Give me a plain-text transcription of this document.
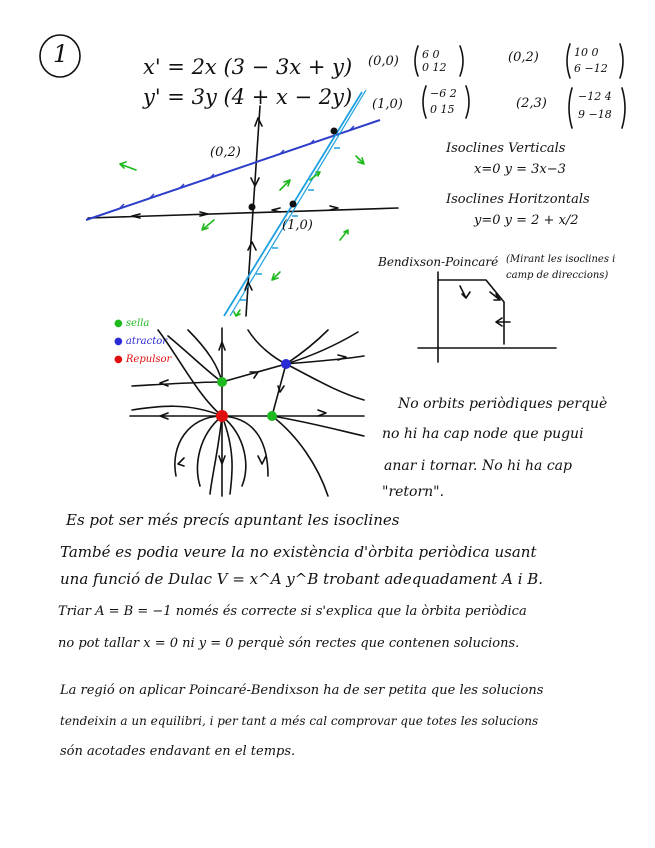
1	x' = 2x (3 − 3x + y)
y' = 3y (4 + x − 2y)
(0,0) 6 0
0 12
(0,2)	10 0
6 −12
(1,0)
−6 2
0 15	(2,3)	−12 4
9 −18
Isoclines Verticals
x=0 y = 3x−3
Isoclines Horitzontals
y=0 y = 2 + x/2
Bendixson-Poincaré (Mirant les isoclines i camp de direccions)
(0,2)
(1,0)
● sella
● atractor
● Repulsor
No orbits periòdiques perquè
no hi ha cap node que pugui
anar i tornar. No hi ha cap
"retorn".
Es pot ser més precís apuntant les isoclines
També es podia veure la no existència d'òrbita periòdica usant
una funció de Dulac V = x^A y^B trobant adequadament A i B.
Triar A = B = −1 només és correcte si s'explica que la òrbita periòdica
no pot tallar x = 0 ni y = 0 perquè són rectes que contenen solucions.
La regió on aplicar Poincaré-Bendixson ha de ser petita que les solucions
tendeixin a un equilibri, i per tant a més cal comprovar que totes les solucions
són acotades endavant en el temps.
